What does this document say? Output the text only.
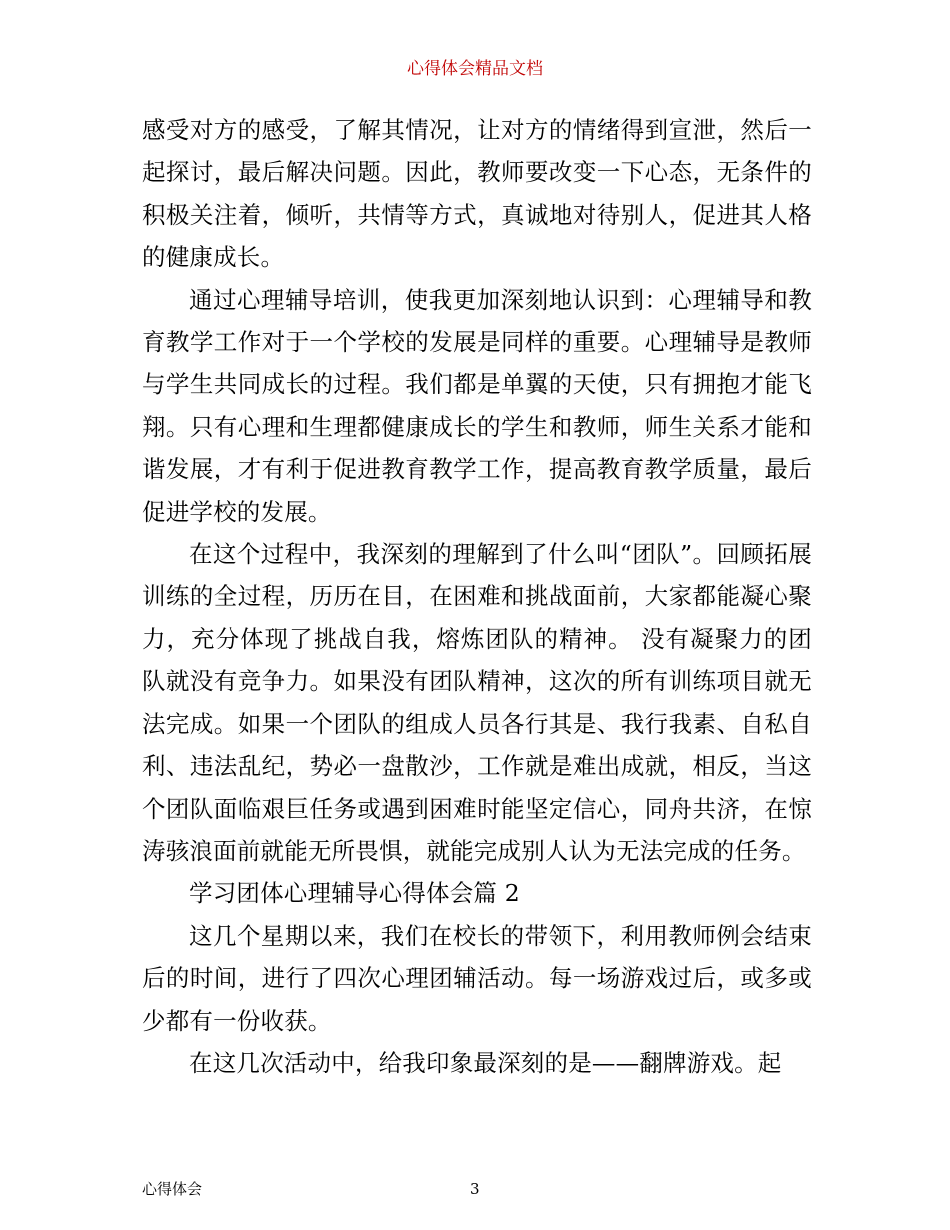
心得体会精品文档

感受对方的感受，了解其情况，让对方的情绪得到宣泄，然后一起探讨，最后解决问题。因此，教师要改变一下心态，无条件的积极关注着，倾听，共情等方式，真诚地对待别人，促进其人格的健康成长。

通过心理辅导培训，使我更加深刻地认识到：心理辅导和教育教学工作对于一个学校的发展是同样的重要。心理辅导是教师与学生共同成长的过程。我们都是单翼的天使，只有拥抱才能飞翔。只有心理和生理都健康成长的学生和教师，师生关系才能和谐发展，才有利于促进教育教学工作，提高教育教学质量，最后促进学校的发展。

在这个过程中，我深刻的理解到了什么叫“团队”。回顾拓展训练的全过程，历历在目，在困难和挑战面前，大家都能凝心聚力，充分体现了挑战自我，熔炼团队的精神。 没有凝聚力的团队就没有竞争力。如果没有团队精神，这次的所有训练项目就无法完成。如果一个团队的组成人员各行其是、我行我素、自私自利、违法乱纪，势必一盘散沙，工作就是难出成就，相反，当这个团队面临艰巨任务或遇到困难时能坚定信心，同舟共济，在惊涛骇浪面前就能无所畏惧，就能完成别人认为无法完成的任务。

学习团体心理辅导心得体会篇 2

这几个星期以来，我们在校长的带领下，利用教师例会结束后的时间，进行了四次心理团辅活动。每一场游戏过后，或多或少都有一份收获。

在这几次活动中，给我印象最深刻的是——翻牌游戏。起

心得体会	3
